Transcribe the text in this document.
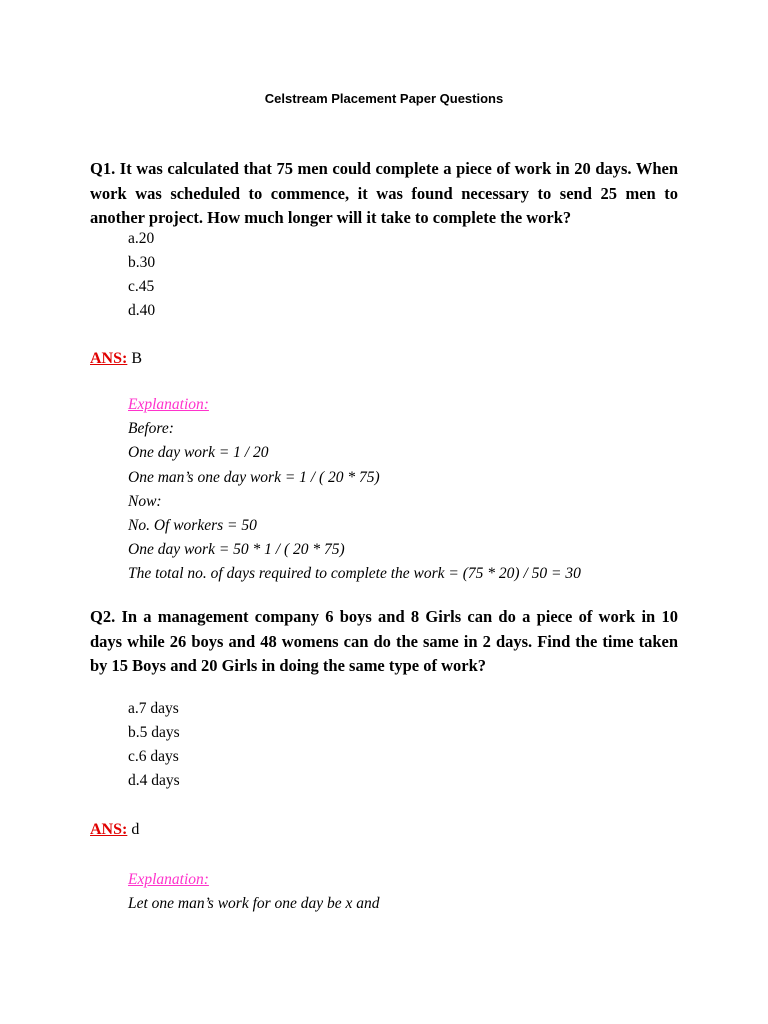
Celstream Placement Paper Questions
Q1. It was calculated that 75 men could complete a piece of work in 20 days. When work was scheduled to commence, it was found necessary to send 25 men to another project. How much longer will it take to complete the work?
a.20
b.30
c.45
d.40
ANS: B
Explanation:
Before:
One day work = 1 / 20
One man’s one day work = 1 / ( 20 * 75)
Now:
No. Of workers = 50
One day work = 50 * 1 / ( 20 * 75)
The total no. of days required to complete the work = (75 * 20) / 50 = 30
Q2. In a management company 6 boys and 8 Girls can do a piece of work in 10 days while 26 boys and 48 womens can do the same in 2 days. Find the time taken by 15 Boys and 20 Girls in doing the same type of work?
a.7 days
b.5 days
c.6 days
d.4 days
ANS: d
Explanation:
Let one man’s work for one day be x and
